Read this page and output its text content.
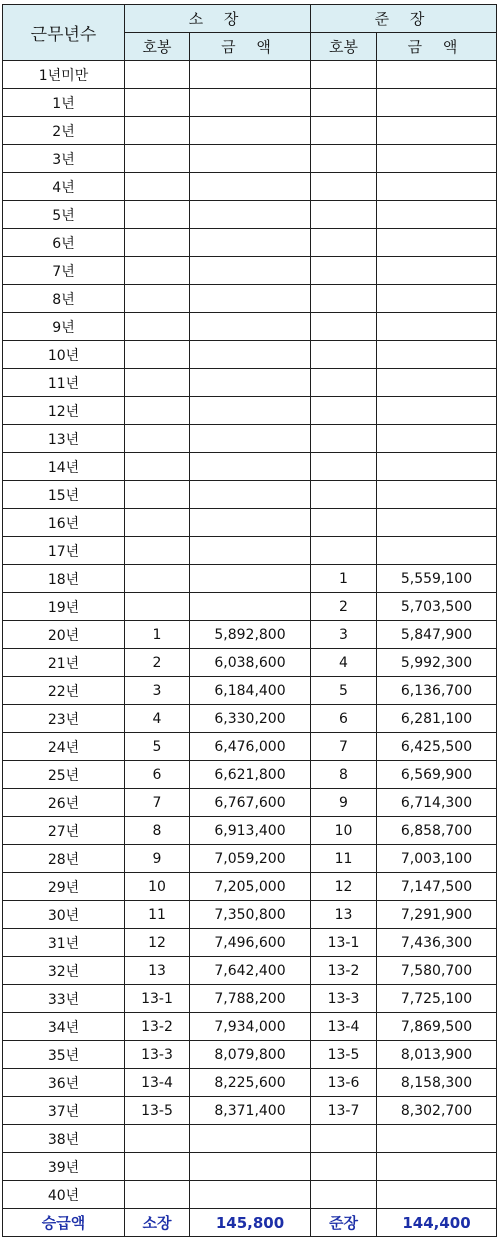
근무년수	소 장		준 장	
	호봉	금 액	호봉	금 액
1년미만				
1년				
2년				
3년				
4년				
5년				
6년				
7년				
8년				
9년				
10년				
11년				
12년				
13년				
14년				
15년				
16년				
17년				
18년			1	5,559,100
19년			2	5,703,500
20년	1	5,892,800	3	5,847,900
21년	2	6,038,600	4	5,992,300
22년	3	6,184,400	5	6,136,700
23년	4	6,330,200	6	6,281,100
24년	5	6,476,000	7	6,425,500
25년	6	6,621,800	8	6,569,900
26년	7	6,767,600	9	6,714,300
27년	8	6,913,400	10	6,858,700
28년	9	7,059,200	11	7,003,100
29년	10	7,205,000	12	7,147,500
30년	11	7,350,800	13	7,291,900
31년	12	7,496,600	13-1	7,436,300
32년	13	7,642,400	13-2	7,580,700
33년	13-1	7,788,200	13-3	7,725,100
34년	13-2	7,934,000	13-4	7,869,500
35년	13-3	8,079,800	13-5	8,013,900
36년	13-4	8,225,600	13-6	8,158,300
37년	13-5	8,371,400	13-7	8,302,700
38년				
39년				
40년				
승급액	소장	145,800	준장	144,400
